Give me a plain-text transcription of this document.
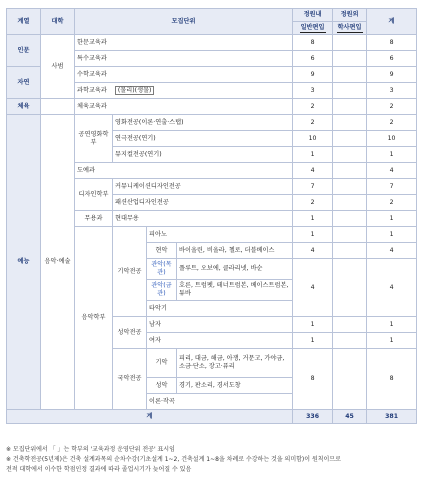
계열	대학	모집단위				정원내	정원외	계
						일반편입	학사편입	
인문	사범	한문교육과				8		8
		특수교육과				6		6
자연		수학교육과				9		9
		과학교육과 (물리)(생물)				3		3
체육		체육교육과				2		2
예능	음악·예술	공연영화학부	영화전공(이론·연출·스탭)			2		2
			연극전공(연기)			10		10
			뮤지컬전공(연기)			1		1
		도예과				4		4
		디자인학부	커뮤니케이션디자인전공			7		7
			패션산업디자인전공			2		2
		무용과	현대무용			1		1
		음악학부	기악전공	피아노		1		1
				현악	바이올린, 비올라, 첼로, 더블베이스	4		4
				관악(목관)	플루트, 오보에, 클라리넷, 바순	4		4
				관악(금관)	호른, 트럼펫, 테너트럼본, 베이스트럼본, 튜바			
				타악기				
			성악전공	남자		1		1
				여자		1		1
			국악전공	기악	피리, 대금, 해금, 아쟁, 거문고, 가야금, 소금·단소, 장고·퓨리	8		8
				성악	경기, 판소리, 경서도창			
				이론·작곡				
계						336	45	381

※ 모집단위에서 「 」는 학부의 '교육과정 운영단위 전공' 표시임

※ 건축학전공(5년제)은 건축 설계과목의 순차수강(기초설계 1~2, 건축설계 1~8을 차례로 수강하는 것을 의미함)이 원칙이므로

전적 대학에서 이수한 학점인정 결과에 따라 졸업시기가 늦어질 수 있음
